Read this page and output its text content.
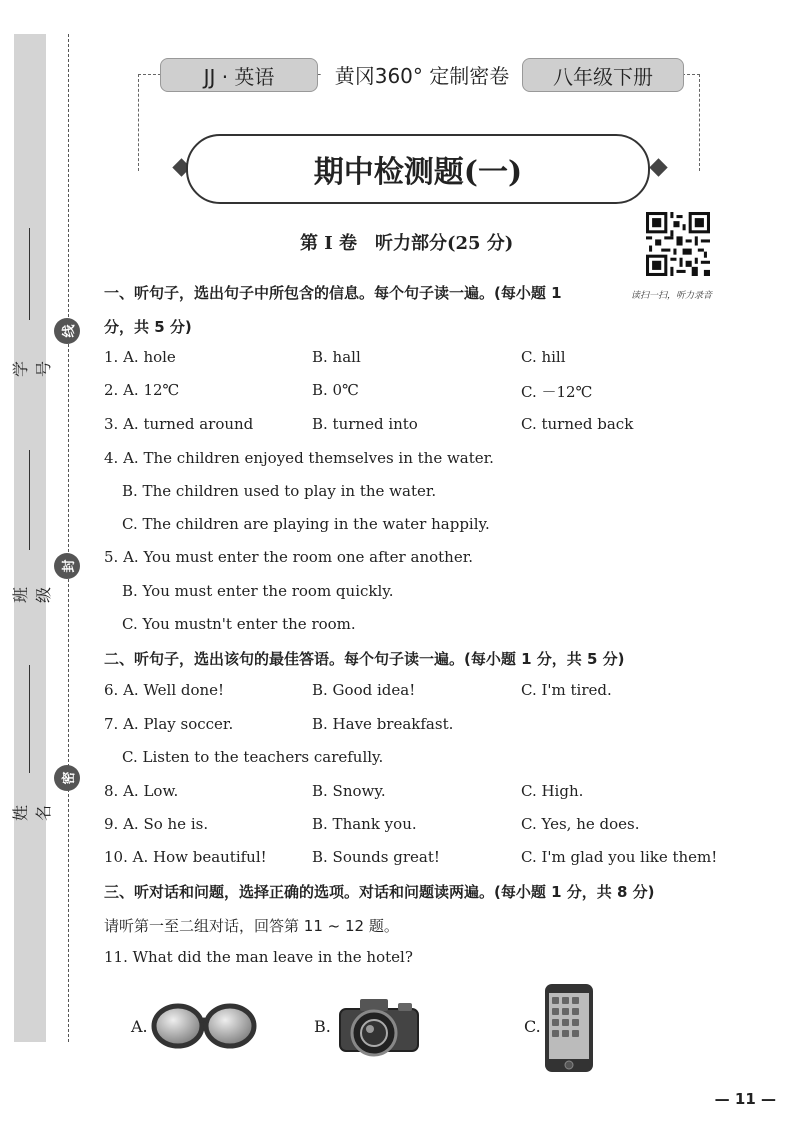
学号
班级
姓名
线
封
密
JJ · 英语	黄冈360° 定制密卷	八年级下册
期中检测题(一)
第 Ⅰ 卷　听力部分(25 分)
读扫一扫，听力录音
一、听句子，选出句子中所包含的信息。每个句子读一遍。(每小题 1
分，共 5 分)
1. A. hole	B. hall	C. hill
2. A. 12℃	B. 0℃	C. －12℃
3. A. turned around	B. turned into	C. turned back
4. A. The children enjoyed themselves in the water.
B. The children used to play in the water.
C. The children are playing in the water happily.
5. A. You must enter the room one after another.
B. You must enter the room quickly.
C. You mustn't enter the room.
二、听句子，选出该句的最佳答语。每个句子读一遍。(每小题 1 分，共 5 分)
6. A. Well done!	B. Good idea!	C. I'm tired.
7. A. Play soccer.	B. Have breakfast.
C. Listen to the teachers carefully.
8. A. Low.	B. Snowy.	C. High.
9. A. So he is.	B. Thank you.	C. Yes, he does.
10. A. How beautiful!	B. Sounds great!	C. I'm glad you like them!
三、听对话和问题，选择正确的选项。对话和问题读两遍。(每小题 1 分，共 8 分)
请听第一至二组对话，回答第 11 ~ 12 题。
11. What did the man leave in the hotel?
A.	B.	C.
— 11 —
